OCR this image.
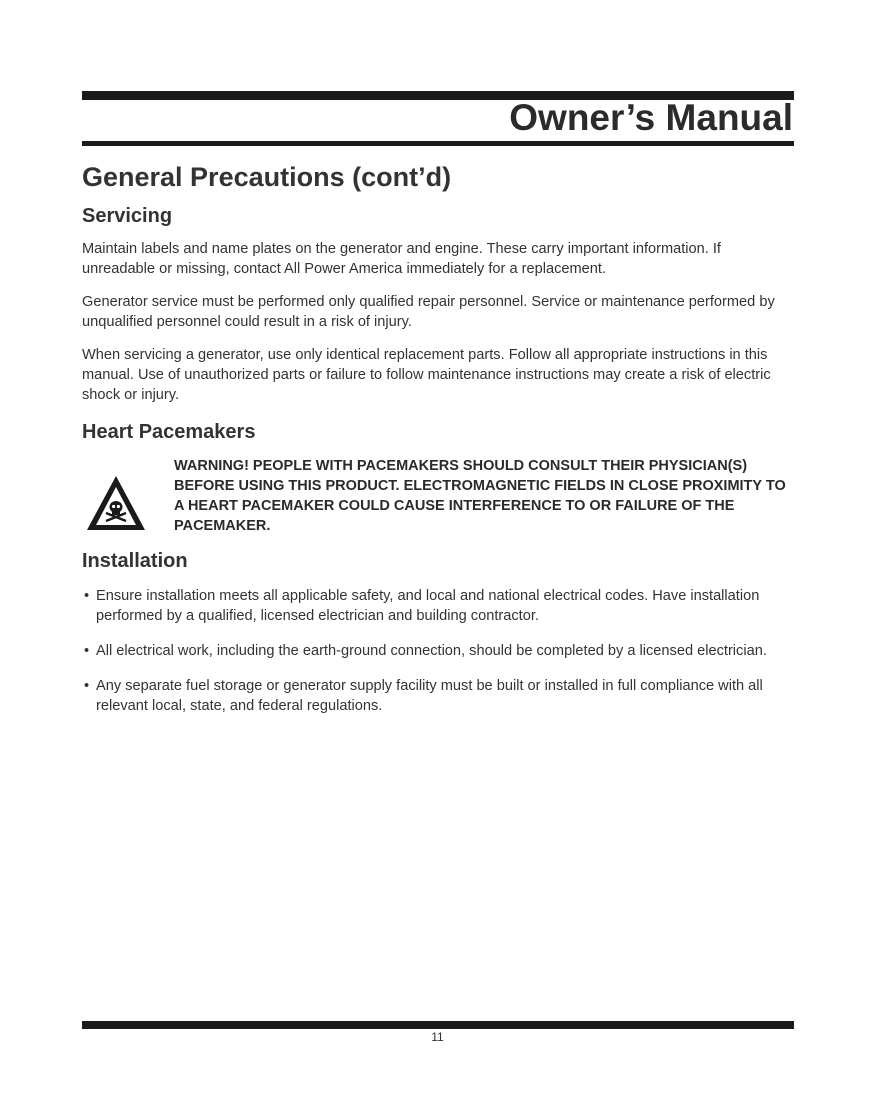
Owner’s Manual
General Precautions (cont’d)
Servicing

Maintain labels and name plates on the generator and engine. These carry important information. If unreadable or missing, contact All Power America immediately for a replacement.

Generator service must be performed only qualified repair personnel. Service or maintenance performed by unqualified personnel could result in a risk of injury.

When servicing a generator, use only identical replacement parts. Follow all appropriate instructions in this manual. Use of unauthorized parts or failure to follow maintenance instructions may create a risk of electric shock or injury.

Heart Pacemakers
WARNING! PEOPLE WITH PACEMAKERS SHOULD CONSULT THEIR PHYSICIAN(S) BEFORE USING THIS PRODUCT. ELECTROMAGNETIC FIELDS IN CLOSE PROXIMITY TO A HEART PACEMAKER COULD CAUSE INTERFERENCE TO OR FAILURE OF THE PACEMAKER.
Installation
• Ensure installation meets all applicable safety, and local and national electrical codes. Have installation performed by a qualified, licensed electrician and building contractor.
• All electrical work, including the earth-ground connection, should be completed by a licensed electrician.
• Any separate fuel storage or generator supply facility must be built or installed in full compliance with all relevant local, state, and federal regulations.
11
